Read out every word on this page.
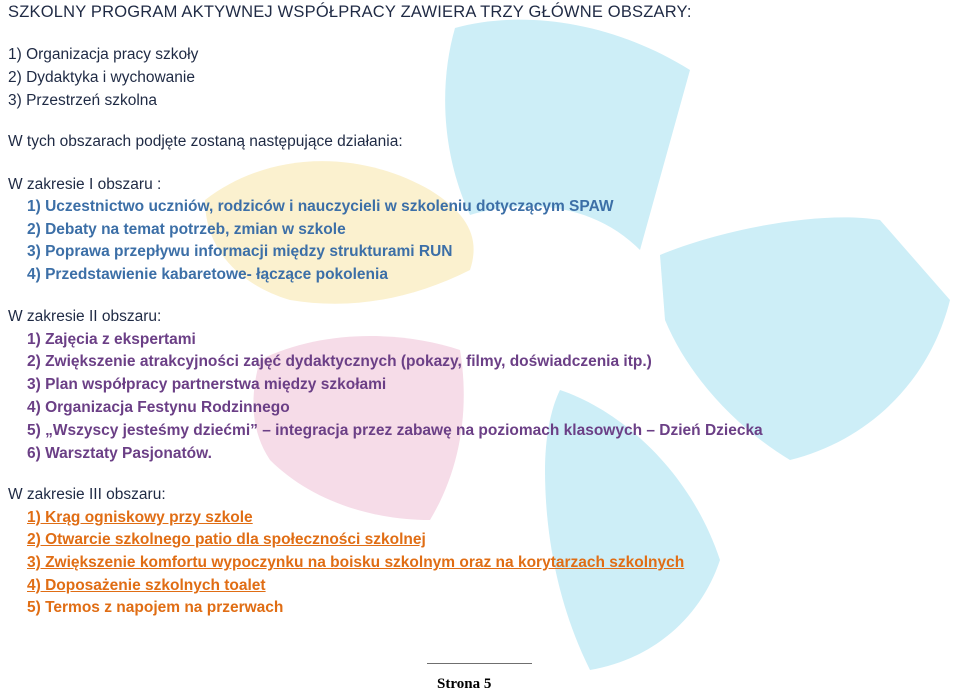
SZKOLNY PROGRAM AKTYWNEJ WSPÓŁPRACY ZAWIERA TRZY GŁÓWNE OBSZARY:
1) Organizacja pracy szkoły
2) Dydaktyka i wychowanie
3) Przestrzeń szkolna
W tych obszarach podjęte zostaną następujące działania:
W zakresie I obszaru :
1) Uczestnictwo uczniów, rodziców i nauczycieli w szkoleniu dotyczącym SPAW
2) Debaty na temat potrzeb, zmian w szkole
3) Poprawa przepływu informacji między strukturami RUN
4) Przedstawienie kabaretowe- łączące pokolenia
W zakresie II obszaru:
1) Zajęcia z ekspertami
2) Zwiększenie atrakcyjności zajęć dydaktycznych (pokazy, filmy, doświadczenia itp.)
3) Plan współpracy partnerstwa między szkołami
4) Organizacja Festynu Rodzinnego
5) „Wszyscy jesteśmy dziećmi” – integracja przez zabawę na poziomach klasowych – Dzień Dziecka
6) Warsztaty Pasjonatów.
W zakresie III obszaru:
1) Krąg ogniskowy przy szkole
2) Otwarcie szkolnego patio dla społeczności szkolnej
3) Zwiększenie komfortu wypoczynku na boisku szkolnym oraz na korytarzach szkolnych
4) Doposażenie szkolnych toalet
5) Termos z napojem na przerwach
Strona 5
